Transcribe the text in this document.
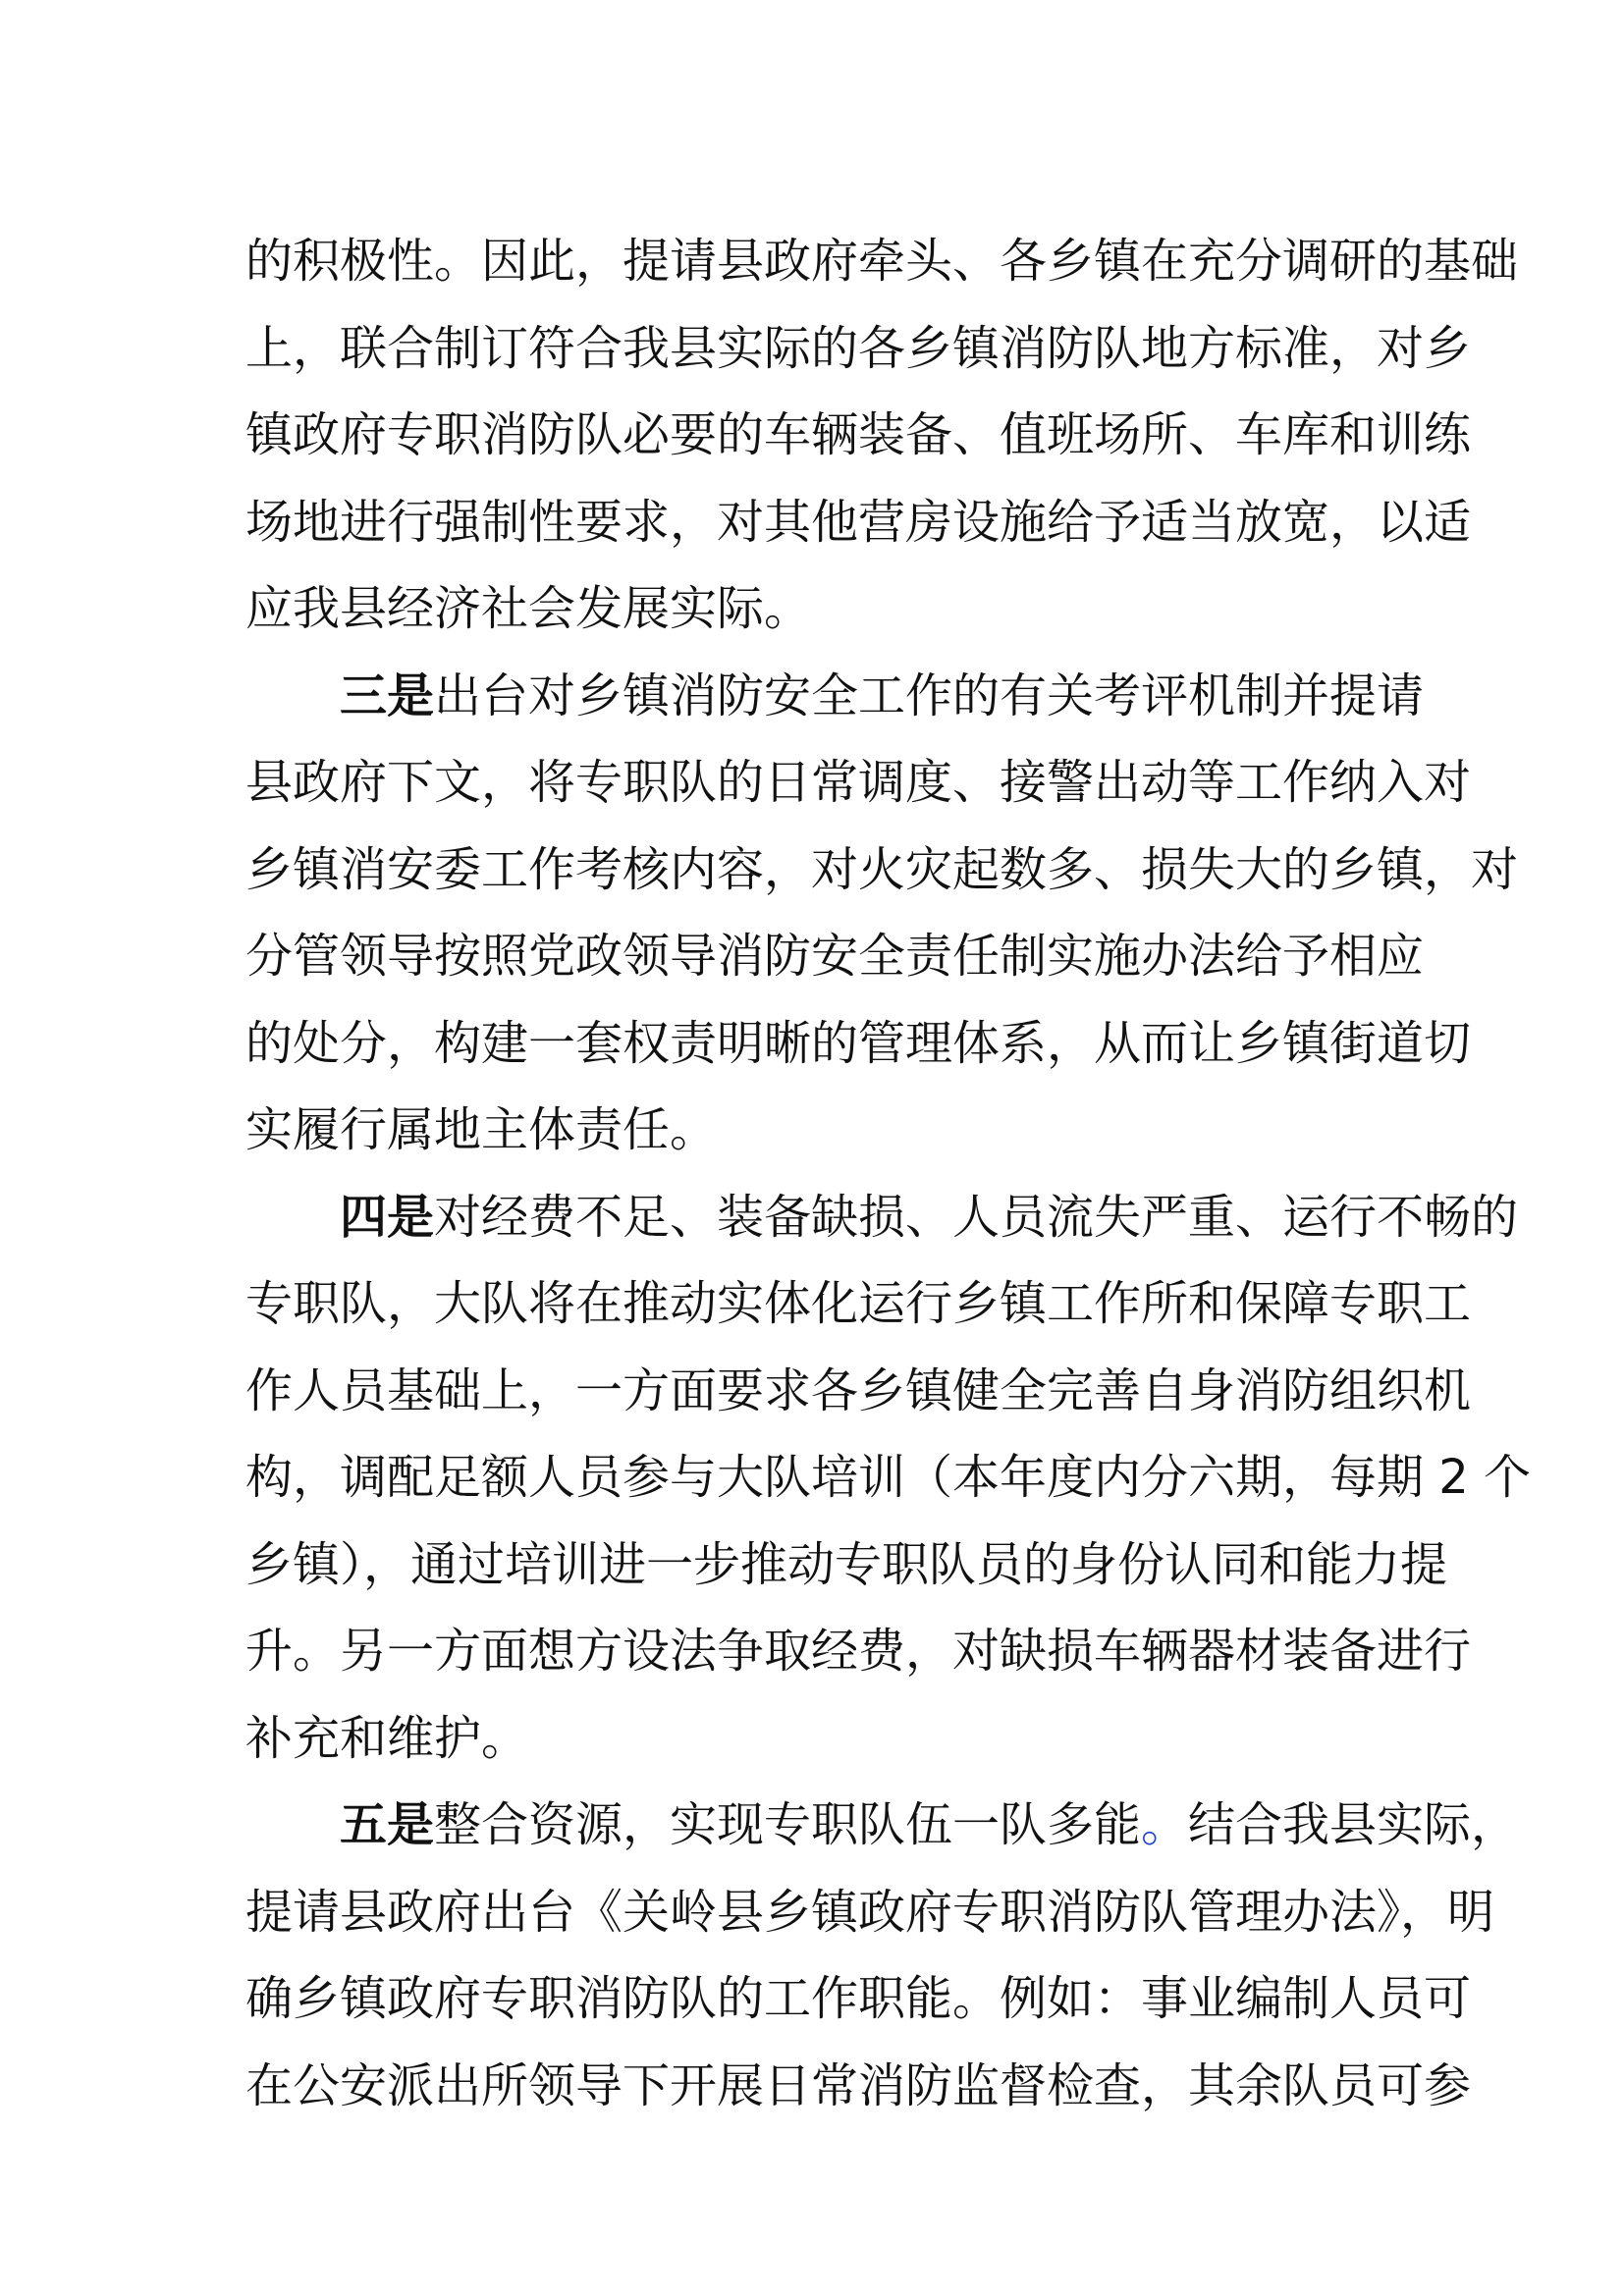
的积极性。因此，提请县政府牵头、各乡镇在充分调研的基础
上，联合制订符合我县实际的各乡镇消防队地方标准，对乡
镇政府专职消防队必要的车辆装备、值班场所、车库和训练
场地进行强制性要求，对其他营房设施给予适当放宽，以适
应我县经济社会发展实际。
三是出台对乡镇消防安全工作的有关考评机制并提请
县政府下文，将专职队的日常调度、接警出动等工作纳入对
乡镇消安委工作考核内容，对火灾起数多、损失大的乡镇，对
分管领导按照党政领导消防安全责任制实施办法给予相应
的处分，构建一套权责明晰的管理体系，从而让乡镇街道切
实履行属地主体责任。
四是对经费不足、装备缺损、人员流失严重、运行不畅的
专职队，大队将在推动实体化运行乡镇工作所和保障专职工
作人员基础上，一方面要求各乡镇健全完善自身消防组织机
构，调配足额人员参与大队培训（本年度内分六期，每期 2 个
乡镇），通过培训进一步推动专职队员的身份认同和能力提
升。另一方面想方设法争取经费，对缺损车辆器材装备进行
补充和维护。
五是整合资源，实现专职队伍一队多能。结合我县实际，
提请县政府出台《关岭县乡镇政府专职消防队管理办法》，明
确乡镇政府专职消防队的工作职能。例如：事业编制人员可
在公安派出所领导下开展日常消防监督检查，其余队员可参
